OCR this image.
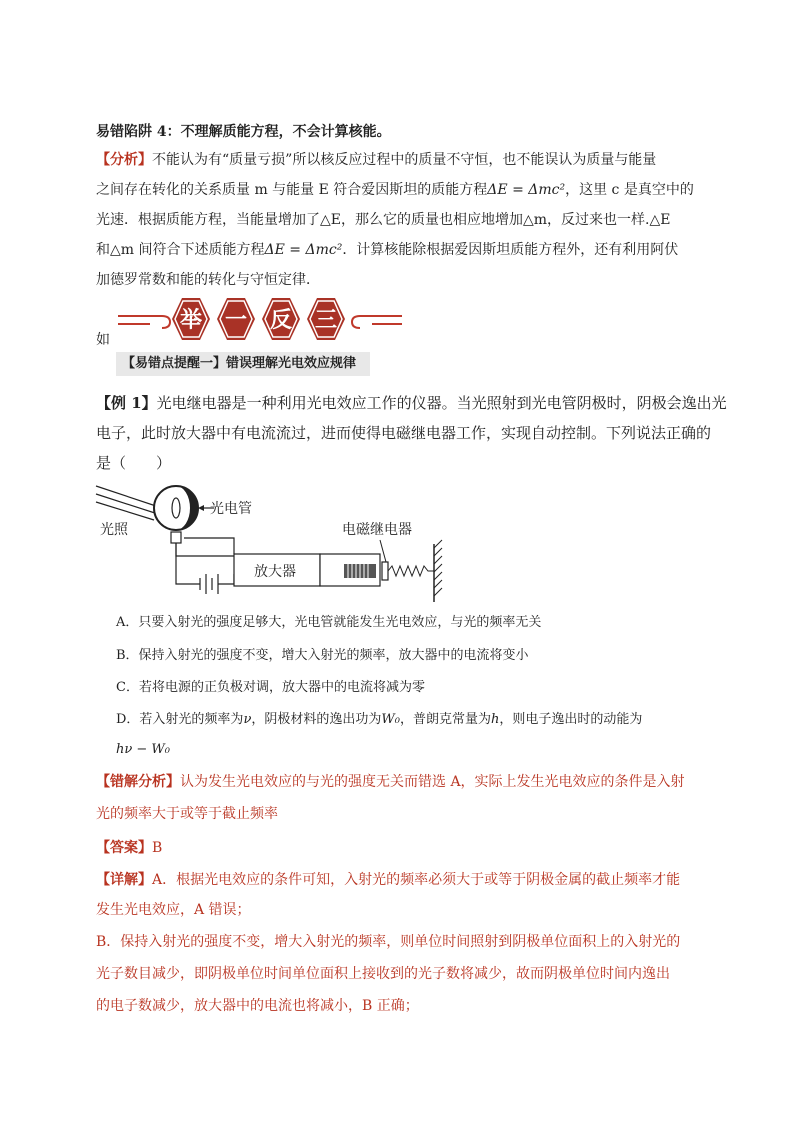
易错陷阱 4：不理解质能方程，不会计算核能。
【分析】不能认为有“质量亏损”所以核反应过程中的质量不守恒，也不能误认为质量与能量
之间存在转化的关系质量 m 与能量 E 符合爱因斯坦的质能方程ΔE = Δmc²，这里 c 是真空中的
光速．根据质能方程，当能量增加了△E，那么它的质量也相应地增加△m，反过来也一样.△E
和△m 间符合下述质能方程ΔE = Δmc²．计算核能除根据爱因斯坦质能方程外，还有利用阿伏
加德罗常数和能的转化与守恒定律．
如
举 一 反 三
【易错点提醒一】错误理解光电效应规律
【例 1】光电继电器是一种利用光电效应工作的仪器。当光照射到光电管阴极时，阴极会逸出光
电子，此时放大器中有电流流过，进而使得电磁继电器工作，实现自动控制。下列说法正确的
是（　　）
光照
光电管
放大器
电磁继电器
A．只要入射光的强度足够大，光电管就能发生光电效应，与光的频率无关
B．保持入射光的强度不变，增大入射光的频率，放大器中的电流将变小
C．若将电源的正负极对调，放大器中的电流将减为零
D．若入射光的频率为ν，阴极材料的逸出功为W₀，普朗克常量为h，则电子逸出时的动能为
hν − W₀
【错解分析】认为发生光电效应的与光的强度无关而错选 A，实际上发生光电效应的条件是入射
光的频率大于或等于截止频率
【答案】B
【详解】A．根据光电效应的条件可知，入射光的频率必须大于或等于阴极金属的截止频率才能
发生光电效应，A 错误；
B．保持入射光的强度不变，增大入射光的频率，则单位时间照射到阴极单位面积上的入射光的
光子数目减少，即阴极单位时间单位面积上接收到的光子数将减少，故而阴极单位时间内逸出
的电子数减少，放大器中的电流也将减小，B 正确；
